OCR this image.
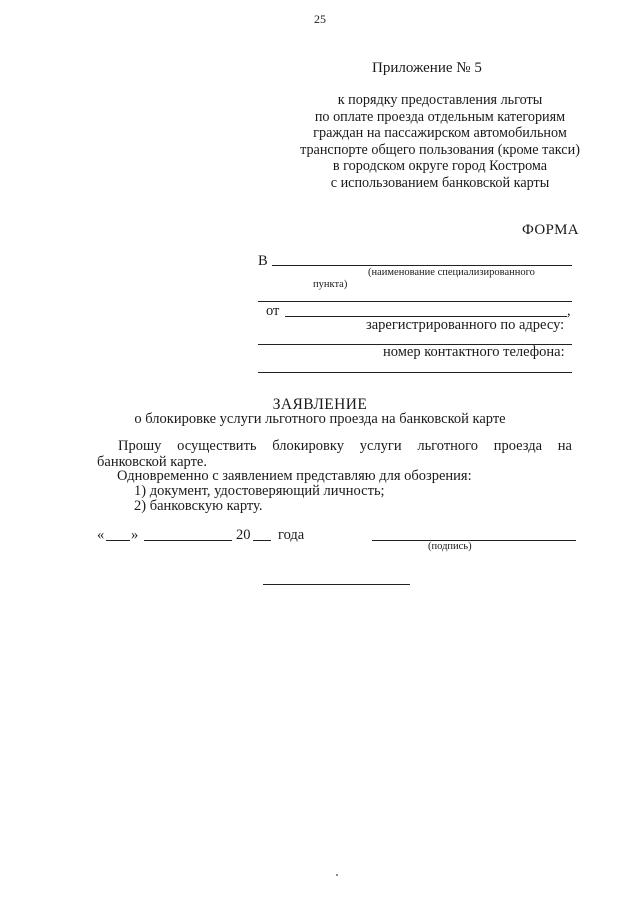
25
Приложение № 5
к порядку предоставления льготы
по оплате проезда отдельным категориям
граждан на пассажирском автомобильном
транспорте общего пользования (кроме такси)
в городском округе город Кострома
с использованием банковской карты
ФОРМА
В
(наименование специализированного
пункта)
от	,
зарегистрированного по адресу:
номер контактного телефона:
ЗАЯВЛЕНИЕ
о блокировке услуги льготного проезда на банковской карте
Прошу осуществить блокировку услуги льготного проезда на банковской карте.
Одновременно с заявлением представляю для обозрения:
1) документ, удостоверяющий личность;
2) банковскую карту.
« »	20 года
(подпись)
